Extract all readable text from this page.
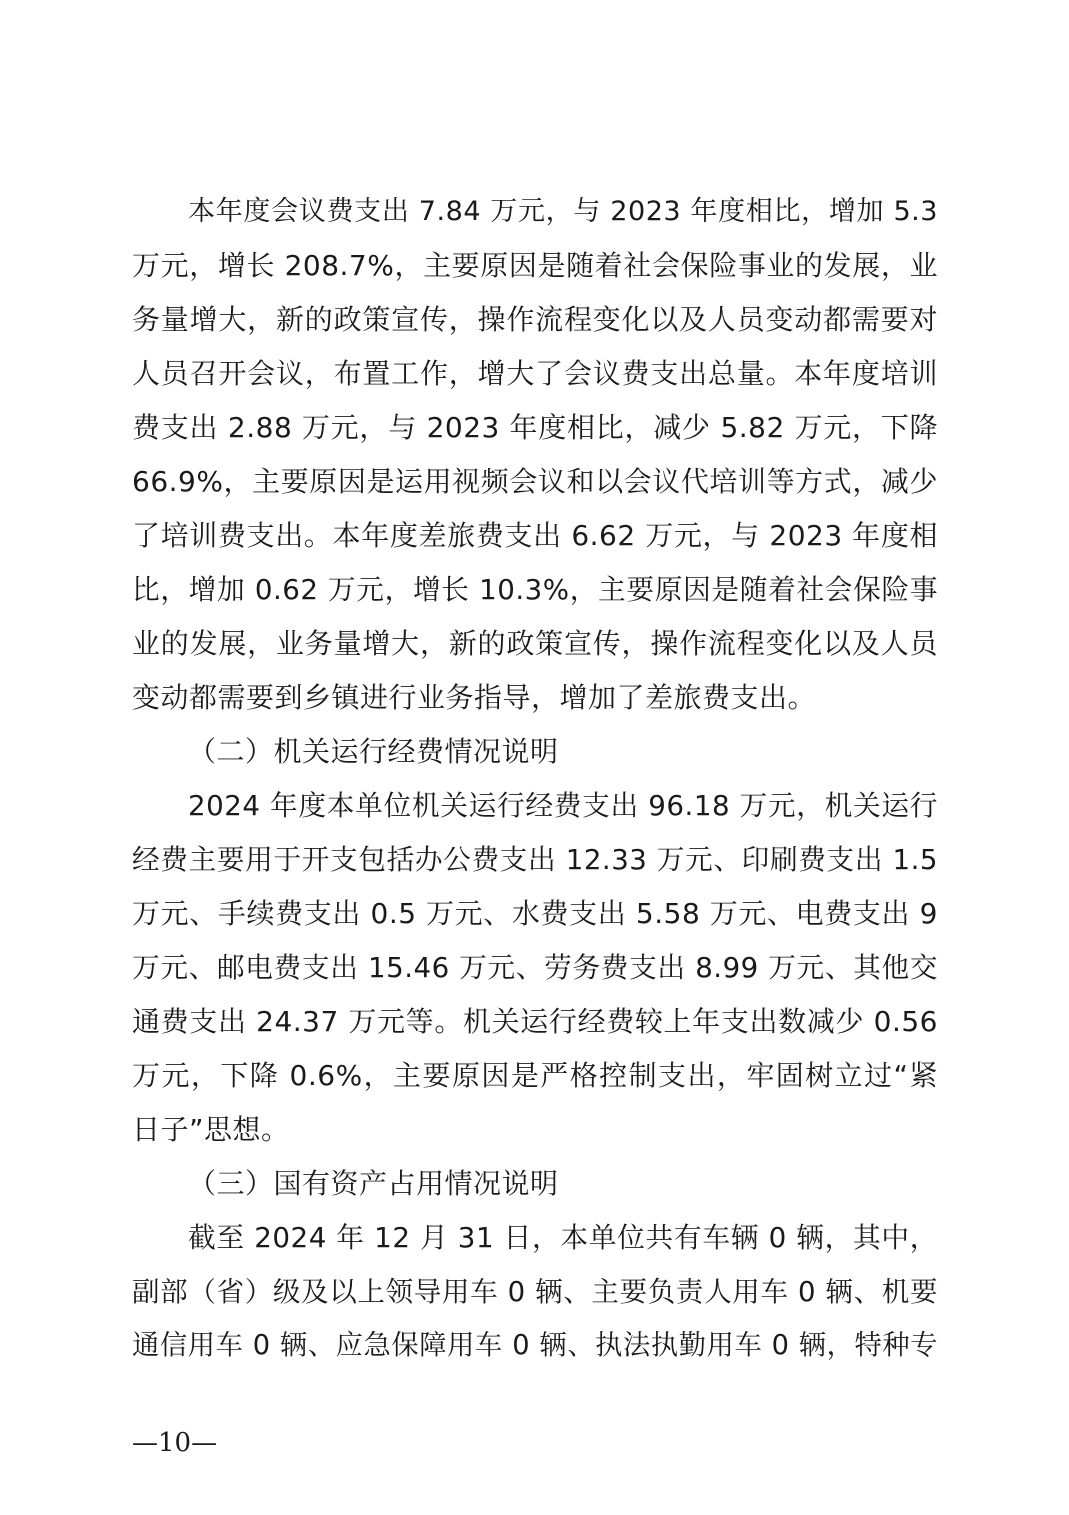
本年度会议费支出 7.84 万元，与 2023 年度相比，增加 5.3
万元，增长 208.7%，主要原因是随着社会保险事业的发展，业
务量增大，新的政策宣传，操作流程变化以及人员变动都需要对
人员召开会议，布置工作，增大了会议费支出总量。本年度培训
费支出 2.88 万元，与 2023 年度相比，减少 5.82 万元，下降
66.9%，主要原因是运用视频会议和以会议代培训等方式，减少
了培训费支出。本年度差旅费支出 6.62 万元，与 2023 年度相
比，增加 0.62 万元，增长 10.3%，主要原因是随着社会保险事
业的发展，业务量增大，新的政策宣传，操作流程变化以及人员
变动都需要到乡镇进行业务指导，增加了差旅费支出。
（二）机关运行经费情况说明
2024 年度本单位机关运行经费支出 96.18 万元，机关运行
经费主要用于开支包括办公费支出 12.33 万元、印刷费支出 1.5
万元、手续费支出 0.5 万元、水费支出 5.58 万元、电费支出 9
万元、邮电费支出 15.46 万元、劳务费支出 8.99 万元、其他交
通费支出 24.37 万元等。机关运行经费较上年支出数减少 0.56
万元，下降 0.6%，主要原因是严格控制支出，牢固树立过“紧
日子”思想。
（三）国有资产占用情况说明
截至 2024 年 12 月 31 日，本单位共有车辆 0 辆，其中，
副部（省）级及以上领导用车 0 辆、主要负责人用车 0 辆、机要
通信用车 0 辆、应急保障用车 0 辆、执法执勤用车 0 辆，特种专
—10—
